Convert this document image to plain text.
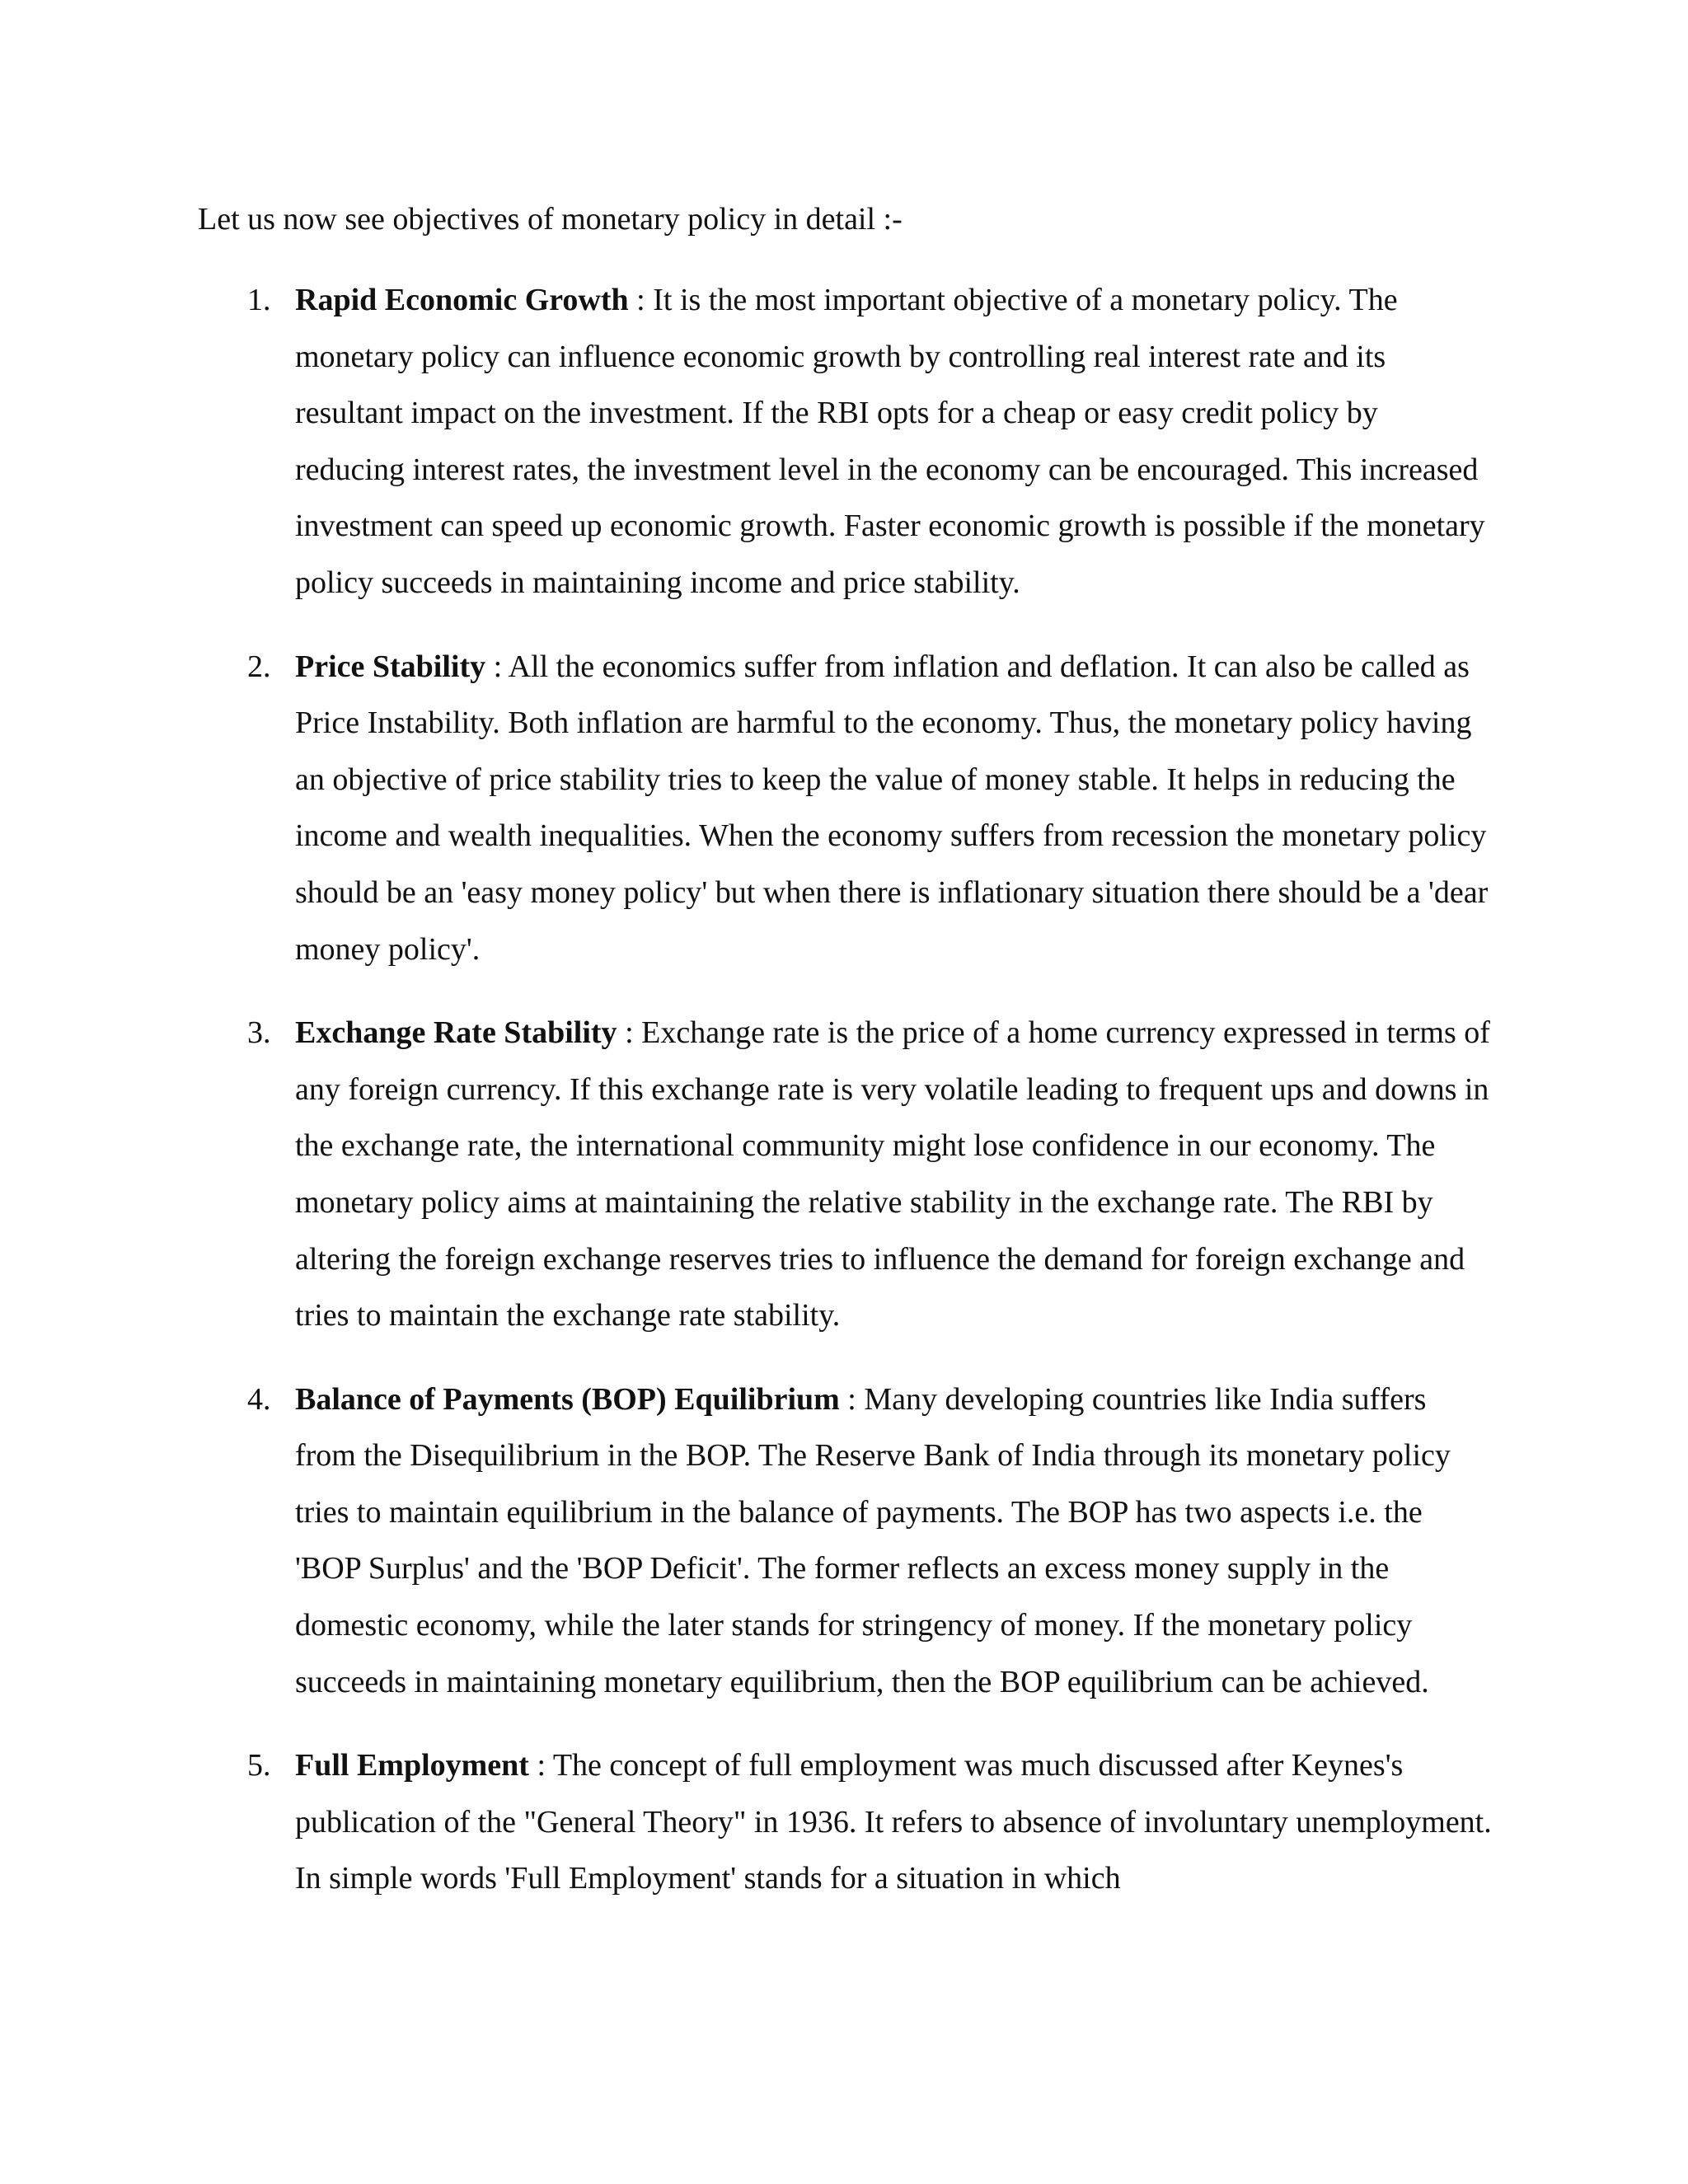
Let us now see objectives of monetary policy in detail :-

1. Rapid Economic Growth : It is the most important objective of a monetary policy. The monetary policy can influence economic growth by controlling real interest rate and its resultant impact on the investment. If the RBI opts for a cheap or easy credit policy by reducing interest rates, the investment level in the economy can be encouraged. This increased investment can speed up economic growth. Faster economic growth is possible if the monetary policy succeeds in maintaining income and price stability.
2. Price Stability : All the economics suffer from inflation and deflation. It can also be called as Price Instability. Both inflation are harmful to the economy. Thus, the monetary policy having an objective of price stability tries to keep the value of money stable. It helps in reducing the income and wealth inequalities. When the economy suffers from recession the monetary policy should be an 'easy money policy' but when there is inflationary situation there should be a 'dear money policy'.
3. Exchange Rate Stability : Exchange rate is the price of a home currency expressed in terms of any foreign currency. If this exchange rate is very volatile leading to frequent ups and downs in the exchange rate, the international community might lose confidence in our economy. The monetary policy aims at maintaining the relative stability in the exchange rate. The RBI by altering the foreign exchange reserves tries to influence the demand for foreign exchange and tries to maintain the exchange rate stability.
4. Balance of Payments (BOP) Equilibrium : Many developing countries like India suffers from the Disequilibrium in the BOP. The Reserve Bank of India through its monetary policy tries to maintain equilibrium in the balance of payments. The BOP has two aspects i.e. the 'BOP Surplus' and the 'BOP Deficit'. The former reflects an excess money supply in the domestic economy, while the later stands for stringency of money. If the monetary policy succeeds in maintaining monetary equilibrium, then the BOP equilibrium can be achieved.
5. Full Employment : The concept of full employment was much discussed after Keynes's publication of the "General Theory" in 1936. It refers to absence of involuntary unemployment. In simple words 'Full Employment' stands for a situation in which
